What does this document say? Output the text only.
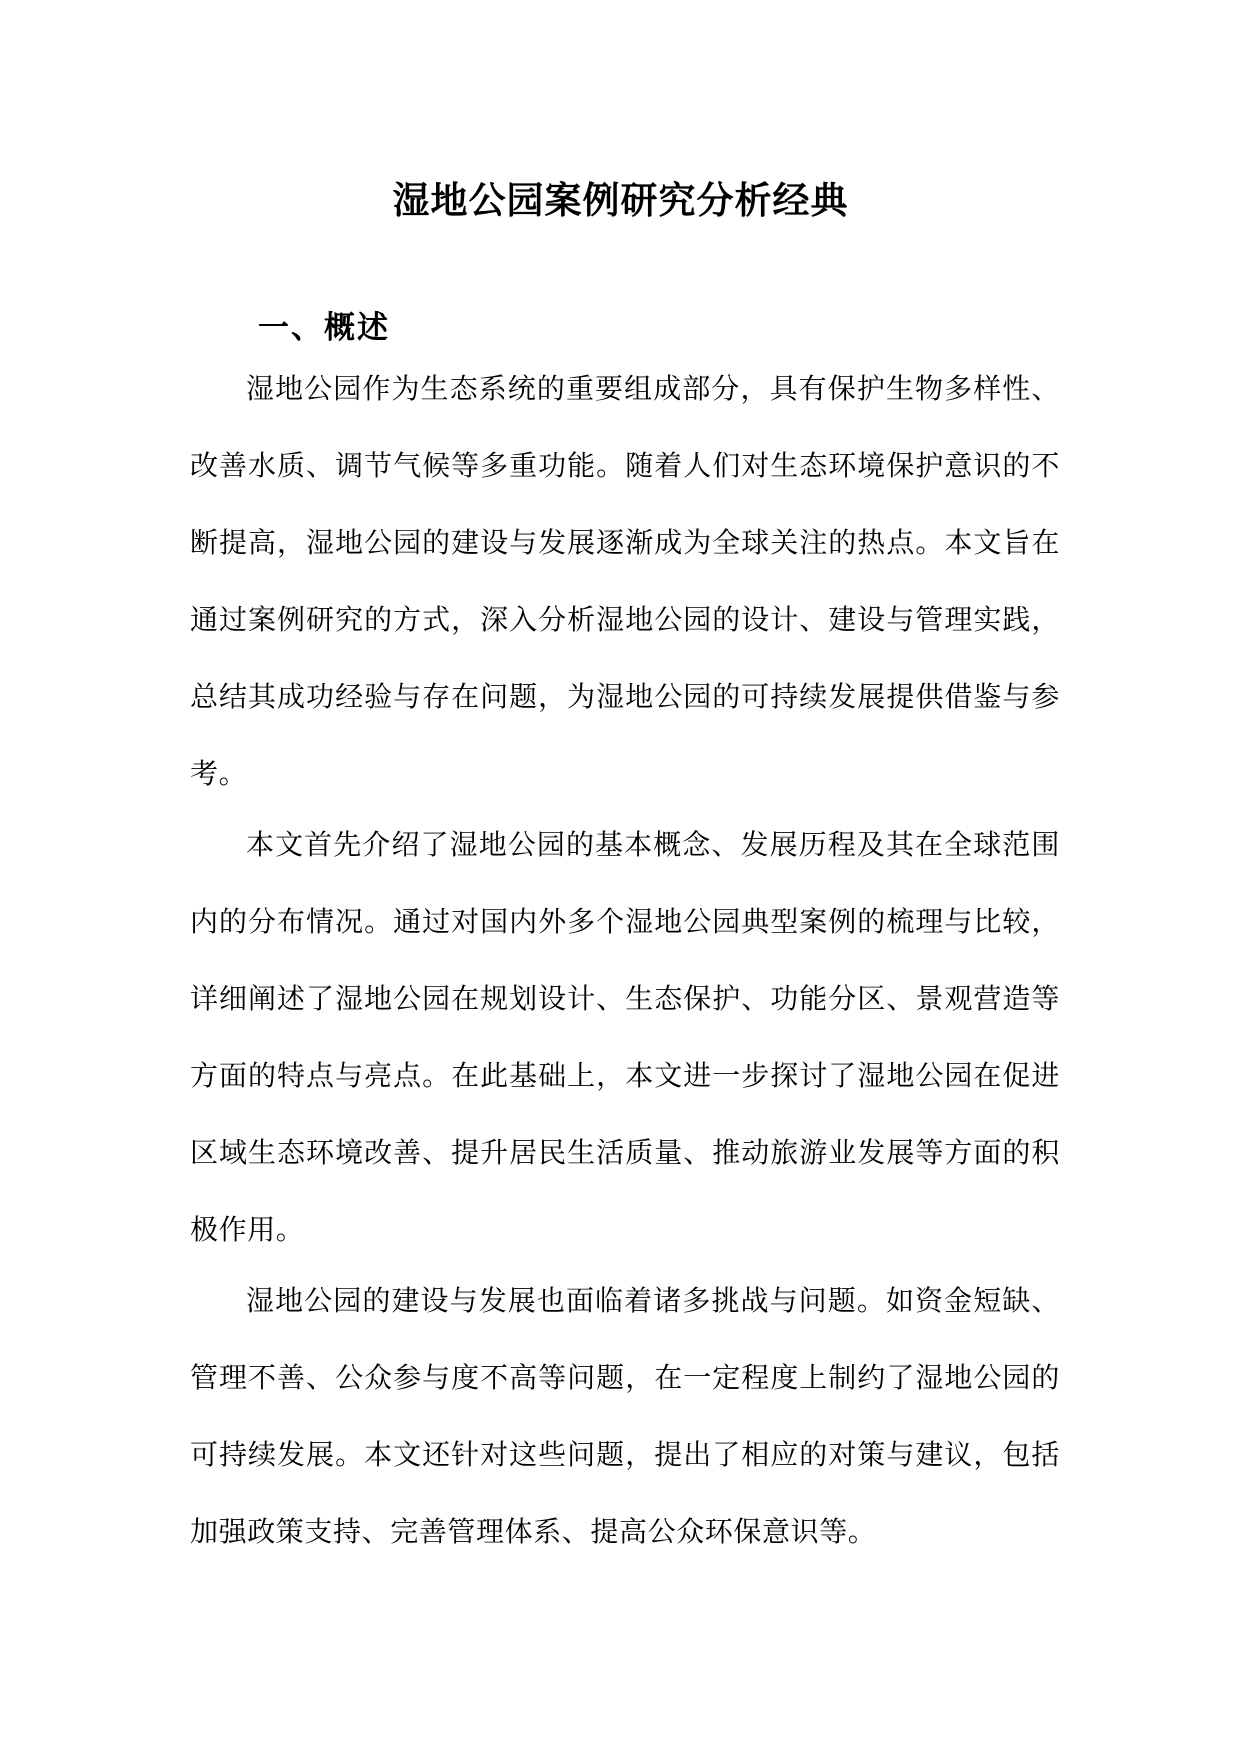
湿地公园案例研究分析经典
一、概述

湿地公园作为生态系统的重要组成部分，具有保护生物多样性、改善水质、调节气候等多重功能。随着人们对生态环境保护意识的不断提高，湿地公园的建设与发展逐渐成为全球关注的热点。本文旨在通过案例研究的方式，深入分析湿地公园的设计、建设与管理实践，总结其成功经验与存在问题，为湿地公园的可持续发展提供借鉴与参考。

本文首先介绍了湿地公园的基本概念、发展历程及其在全球范围内的分布情况。通过对国内外多个湿地公园典型案例的梳理与比较，详细阐述了湿地公园在规划设计、生态保护、功能分区、景观营造等方面的特点与亮点。在此基础上，本文进一步探讨了湿地公园在促进区域生态环境改善、提升居民生活质量、推动旅游业发展等方面的积极作用。

湿地公园的建设与发展也面临着诸多挑战与问题。如资金短缺、管理不善、公众参与度不高等问题，在一定程度上制约了湿地公园的可持续发展。本文还针对这些问题，提出了相应的对策与建议，包括加强政策支持、完善管理体系、提高公众环保意识等。
